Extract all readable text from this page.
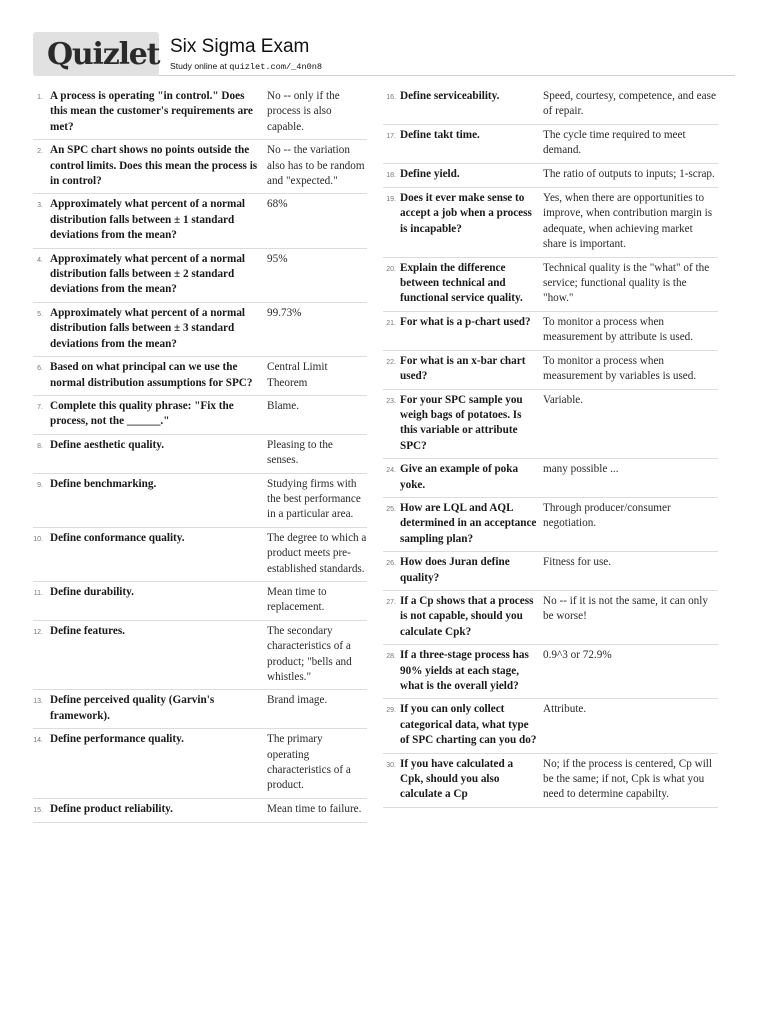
Quizlet Six Sigma Exam
Study online at quizlet.com/_4n0n8
1. A process is operating "in control." Does this mean the customer's requirements are met?
No -- only if the process is also capable.
2. An SPC chart shows no points outside the control limits. Does this mean the process is in control?
No -- the variation also has to be random and "expected."
3. Approximately what percent of a normal distribution falls between ± 1 standard deviations from the mean?
68%
4. Approximately what percent of a normal distribution falls between ± 2 standard deviations from the mean?
95%
5. Approximately what percent of a normal distribution falls between ± 3 standard deviations from the mean?
99.73%
6. Based on what principal can we use the normal distribution assumptions for SPC?
Central Limit Theorem
7. Complete this quality phrase: "Fix the process, not the ______."
Blame.
8. Define aesthetic quality.	Pleasing to the senses.
9. Define benchmarking.	Studying firms with the best performance in a particular area.
10. Define conformance quality.	The degree to which a product meets pre-established standards.
11. Define durability.	Mean time to replacement.
12. Define features.	The secondary characteristics of a product; "bells and whistles."
13. Define perceived quality (Garvin's framework).
Brand image.
14. Define performance quality.	The primary operating characteristics of a product.
15. Define product reliability.	Mean time to failure.
16. Define serviceability.	Speed, courtesy, competence, and ease of repair.
17. Define takt time.	The cycle time required to meet demand.
18. Define yield.	The ratio of outputs to inputs; 1-scrap.
19. Does it ever make sense to accept a job when a process is incapable?
Yes, when there are opportunities to improve, when contribution margin is adequate, when achieving market share is important.
20. Explain the difference between technical and functional service quality.
Technical quality is the "what" of the service; functional quality is the "how."
21. For what is a p-chart used?	To monitor a process when measurement by attribute is used.
22. For what is an x-bar chart used?
To monitor a process when measurement by variables is used.
23. For your SPC sample you weigh bags of potatoes. Is this variable or attribute SPC?
Variable.
24. Give an example of poka yoke.
many possible ...
25. How are LQL and AQL determined in an acceptance sampling plan?
Through producer/consumer negotiation.
26. How does Juran define quality?
Fitness for use.
27. If a Cp shows that a process is not capable, should you calculate Cpk?
No -- if it is not the same, it can only be worse!
28. If a three-stage process has 90% yields at each stage, what is the overall yield?
0.9^3 or 72.9%
29. If you can only collect categorical data, what type of SPC charting can you do?
Attribute.
30. If you have calculated a Cpk, should you also calculate a Cp
No; if the process is centered, Cp will be the same; if not, Cpk is what you need to determine capabilty.
